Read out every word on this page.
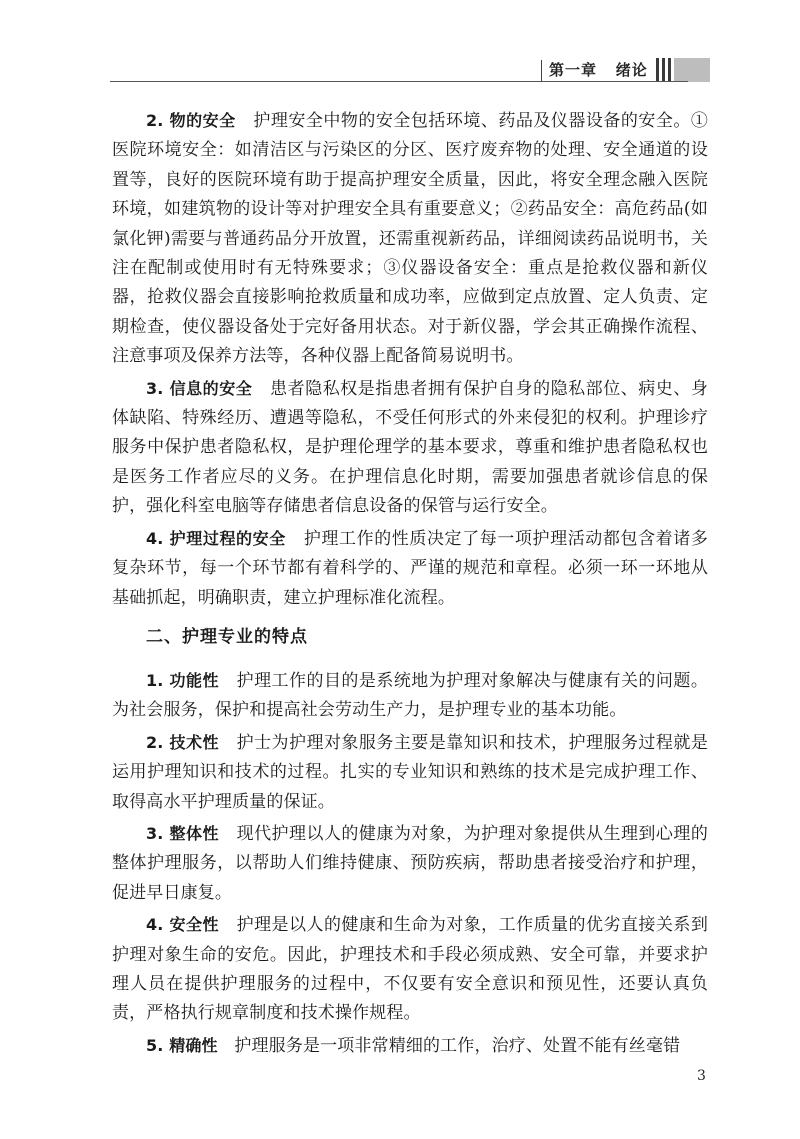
第一章 绪论

2. 物的安全 护理安全中物的安全包括环境、药品及仪器设备的安全。①医院环境安全：如清洁区与污染区的分区、医疗废弃物的处理、安全通道的设置等，良好的医院环境有助于提高护理安全质量，因此，将安全理念融入医院环境，如建筑物的设计等对护理安全具有重要意义；②药品安全：高危药品(如氯化钾)需要与普通药品分开放置，还需重视新药品，详细阅读药品说明书，关注在配制或使用时有无特殊要求；③仪器设备安全：重点是抢救仪器和新仪器，抢救仪器会直接影响抢救质量和成功率，应做到定点放置、定人负责、定期检查，使仪器设备处于完好备用状态。对于新仪器，学会其正确操作流程、注意事项及保养方法等，各种仪器上配备简易说明书。

3. 信息的安全 患者隐私权是指患者拥有保护自身的隐私部位、病史、身体缺陷、特殊经历、遭遇等隐私，不受任何形式的外来侵犯的权利。护理诊疗服务中保护患者隐私权，是护理伦理学的基本要求，尊重和维护患者隐私权也是医务工作者应尽的义务。在护理信息化时期，需要加强患者就诊信息的保护，强化科室电脑等存储患者信息设备的保管与运行安全。

4. 护理过程的安全 护理工作的性质决定了每一项护理活动都包含着诸多复杂环节，每一个环节都有着科学的、严谨的规范和章程。必须一环一环地从基础抓起，明确职责，建立护理标准化流程。

二、护理专业的特点

1. 功能性 护理工作的目的是系统地为护理对象解决与健康有关的问题。为社会服务，保护和提高社会劳动生产力，是护理专业的基本功能。

2. 技术性 护士为护理对象服务主要是靠知识和技术，护理服务过程就是运用护理知识和技术的过程。扎实的专业知识和熟练的技术是完成护理工作、取得高水平护理质量的保证。

3. 整体性 现代护理以人的健康为对象，为护理对象提供从生理到心理的整体护理服务，以帮助人们维持健康、预防疾病，帮助患者接受治疗和护理，促进早日康复。

4. 安全性 护理是以人的健康和生命为对象，工作质量的优劣直接关系到护理对象生命的安危。因此，护理技术和手段必须成熟、安全可靠，并要求护理人员在提供护理服务的过程中，不仅要有安全意识和预见性，还要认真负责，严格执行规章制度和技术操作规程。

5. 精确性 护理服务是一项非常精细的工作，治疗、处置不能有丝毫错

3
